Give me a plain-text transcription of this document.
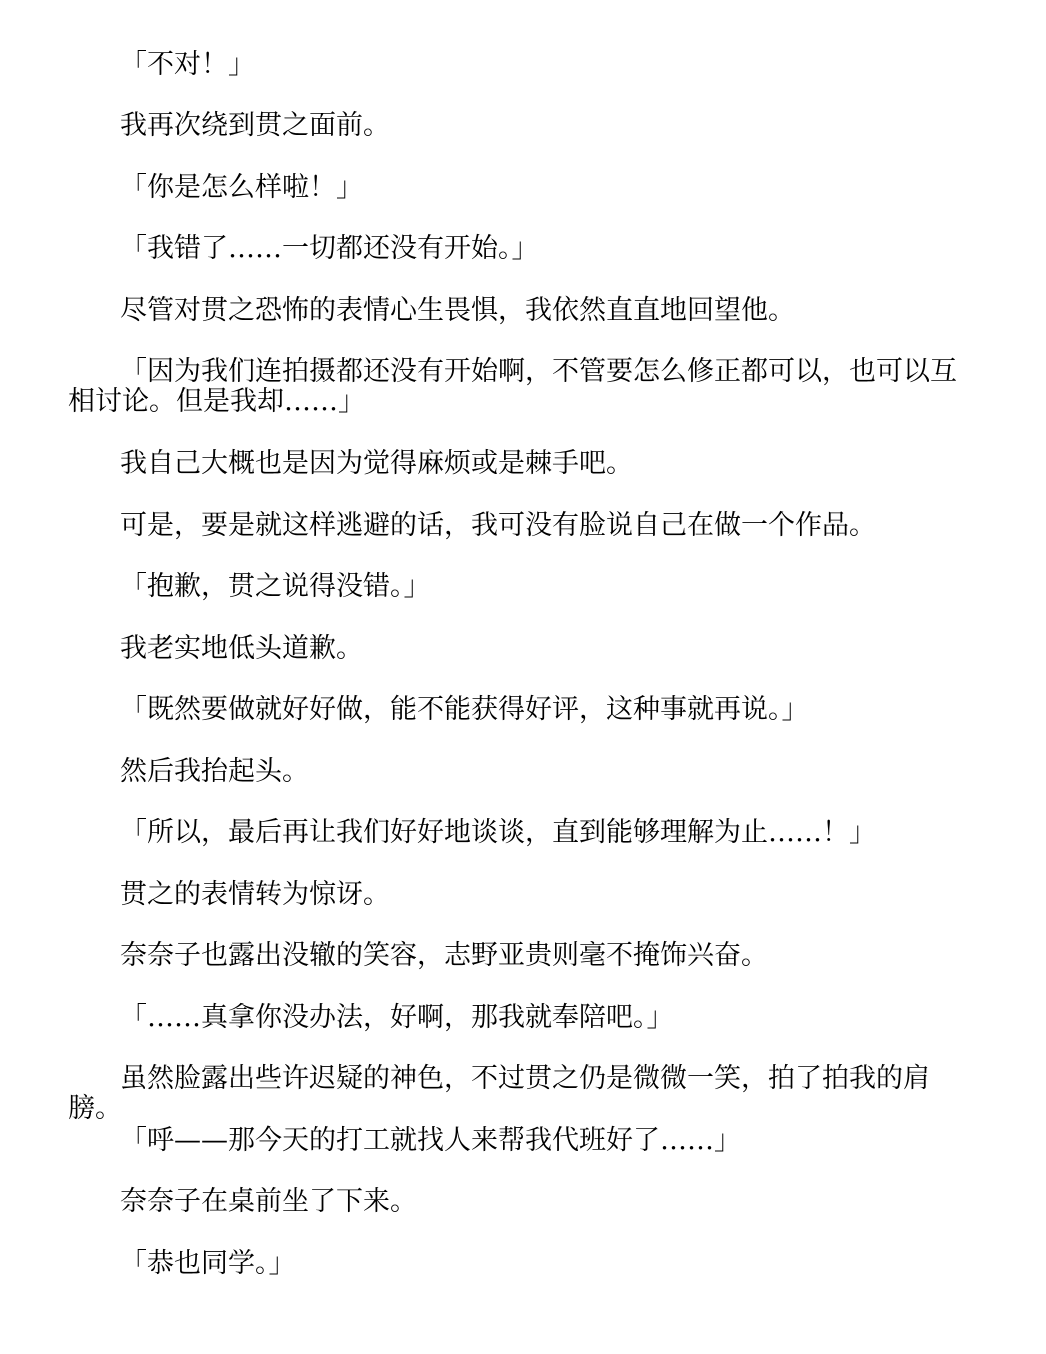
「不对！」

我再次绕到贯之面前。

「你是怎么样啦！」

「我错了……一切都还没有开始。」

尽管对贯之恐怖的表情心生畏惧，我依然直直地回望他。

「因为我们连拍摄都还没有开始啊，不管要怎么修正都可以，也可以互相讨论。但是我却……」

我自己大概也是因为觉得麻烦或是棘手吧。

可是，要是就这样逃避的话，我可没有脸说自己在做一个作品。

「抱歉，贯之说得没错。」

我老实地低头道歉。

「既然要做就好好做，能不能获得好评，这种事就再说。」

然后我抬起头。

「所以，最后再让我们好好地谈谈，直到能够理解为止……！」

贯之的表情转为惊讶。

奈奈子也露出没辙的笑容，志野亚贵则毫不掩饰兴奋。

「……真拿你没办法，好啊，那我就奉陪吧。」

虽然脸露出些许迟疑的神色，不过贯之仍是微微一笑，拍了拍我的肩膀。

「呼——那今天的打工就找人来帮我代班好了……」

奈奈子在桌前坐了下来。

「恭也同学。」
